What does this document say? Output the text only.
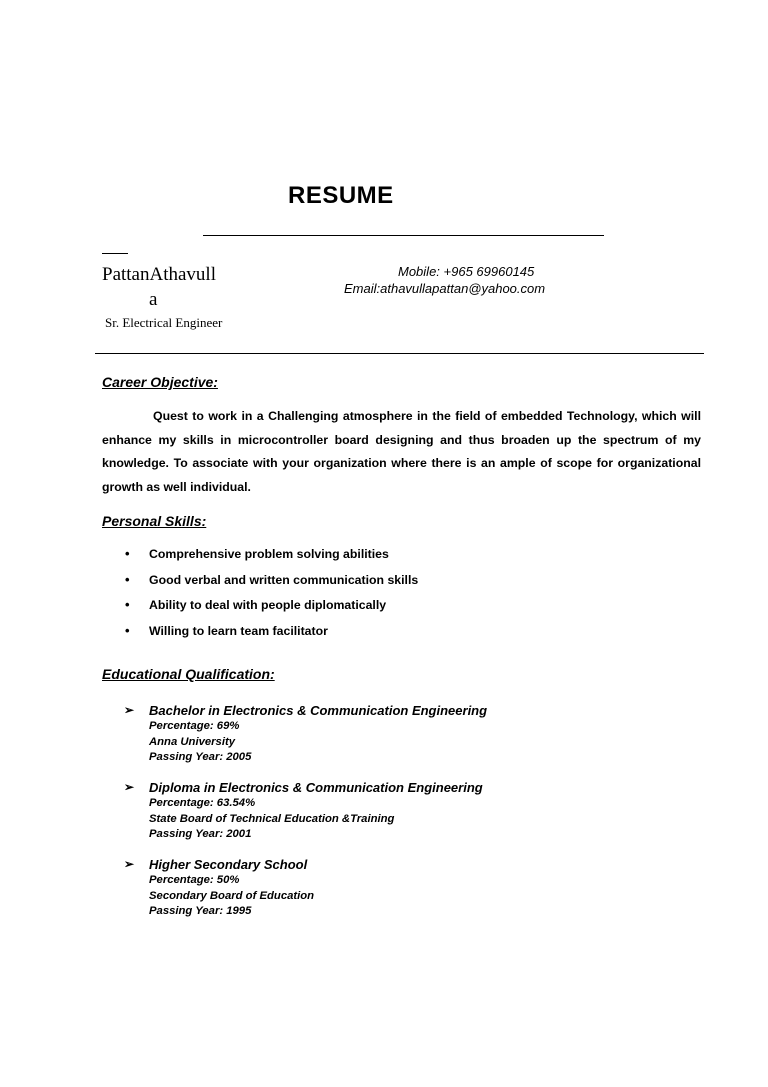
RESUME
PattanAthavull
a
Sr. Electrical Engineer
Mobile: +965 69960145
Email:athavullapattan@yahoo.com
Career Objective:

Quest to work in a Challenging atmosphere in the field of embedded Technology, which will enhance my skills in microcontroller board designing and thus broaden up the spectrum of my knowledge. To associate with your organization where there is an ample of scope for organizational growth as well individual.

Personal Skills:
• Comprehensive problem solving abilities
• Good verbal and written communication skills
• Ability to deal with people diplomatically
• Willing to learn team facilitator
Educational Qualification:
➢ Bachelor in Electronics & Communication Engineering
Percentage: 69%
Anna University
Passing Year: 2005
➢ Diploma in Electronics & Communication Engineering
Percentage: 63.54%
State Board of Technical Education &Training
Passing Year: 2001
➢ Higher Secondary School
Percentage: 50%
Secondary Board of Education
Passing Year: 1995
